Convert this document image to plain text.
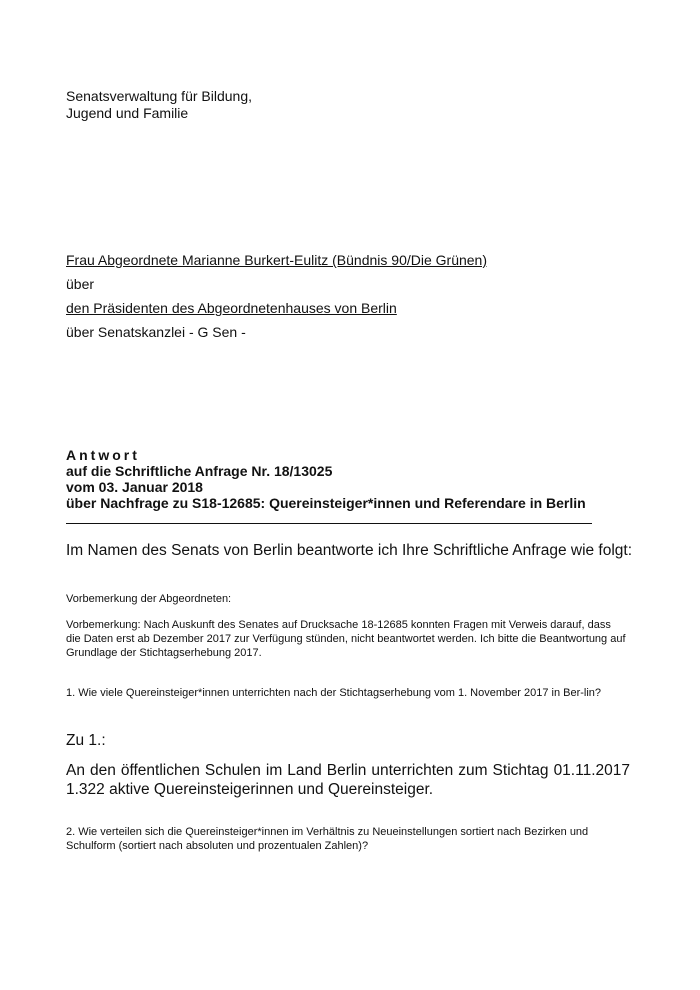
Senatsverwaltung für Bildung,
Jugend und Familie
Frau Abgeordnete Marianne Burkert-Eulitz (Bündnis 90/Die Grünen)
über
den Präsidenten des Abgeordnetenhauses von Berlin
über Senatskanzlei - G Sen -
Antwort
auf die Schriftliche Anfrage Nr. 18/13025
vom 03. Januar 2018
über Nachfrage zu S18-12685: Quereinsteiger*innen und Referendare in Berlin
Im Namen des Senats von Berlin beantworte ich Ihre Schriftliche Anfrage wie folgt:
Vorbemerkung der Abgeordneten:
Vorbemerkung: Nach Auskunft des Senates auf Drucksache 18-12685 konnten Fragen mit Verweis darauf, dass die Daten erst ab Dezember 2017 zur Verfügung stünden, nicht beantwortet werden. Ich bitte die Beantwortung auf Grundlage der Stichtagserhebung 2017.
1. Wie viele Quereinsteiger*innen unterrichten nach der Stichtagserhebung vom 1. November 2017 in Ber-lin?
Zu 1.:
An den öffentlichen Schulen im Land Berlin unterrichten zum Stichtag 01.11.2017 1.322 aktive Quereinsteigerinnen und Quereinsteiger.
2. Wie verteilen sich die Quereinsteiger*innen im Verhältnis zu Neueinstellungen sortiert nach Bezirken und Schulform (sortiert nach absoluten und prozentualen Zahlen)?
